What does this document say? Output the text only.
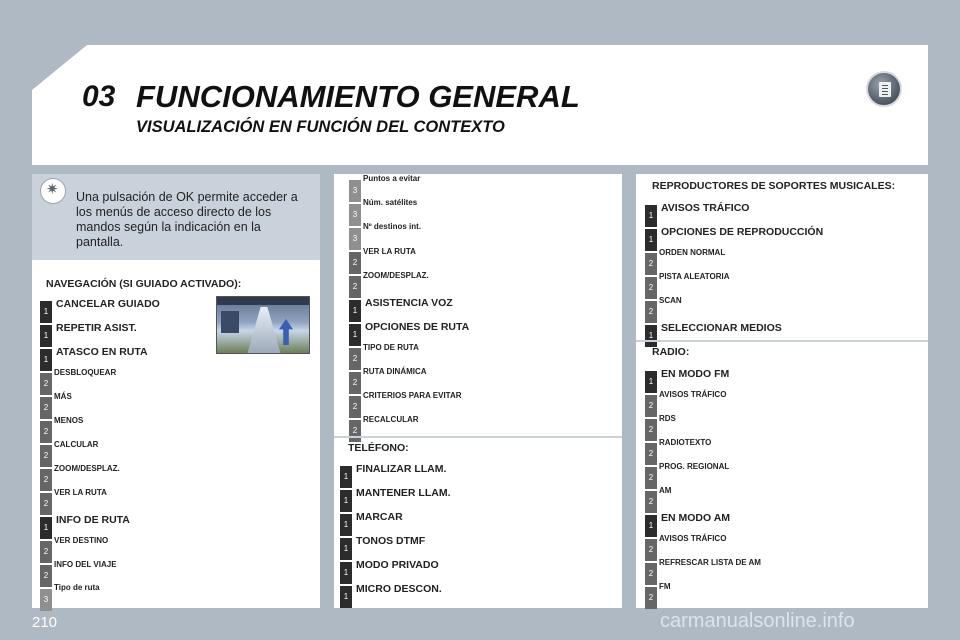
03 FUNCIONAMIENTO GENERAL
VISUALIZACIÓN EN FUNCIÓN DEL CONTEXTO
✷
Una pulsación de OK permite acceder a los menús de acceso directo de los mandos según la indicación en la pantalla.
NAVEGACIÓN (SI GUIADO ACTIVADO):
1
CANCELAR GUIADO
1
REPETIR ASIST.
1
ATASCO EN RUTA
2
DESBLOQUEAR
2
MÁS
2
MENOS
2
CALCULAR
2
ZOOM/DESPLAZ.
2
VER LA RUTA
1
INFO DE RUTA
2
VER DESTINO
2
INFO DEL VIAJE
3
Tipo de ruta
3
Puntos a evitar
3
Núm. satélites
3
Nº destinos int.
2
VER LA RUTA
2
ZOOM/DESPLAZ.
1
ASISTENCIA VOZ
1
OPCIONES DE RUTA
2
TIPO DE RUTA
2
RUTA DINÁMICA
2
CRITERIOS PARA EVITAR
2
RECALCULAR
TELÉFONO:
1
FINALIZAR LLAM.
1
MANTENER LLAM.
1
MARCAR
1
TONOS DTMF
1
MODO PRIVADO
1
MICRO DESCON.
REPRODUCTORES DE SOPORTES MUSICALES:
1
AVISOS TRÁFICO
1
OPCIONES DE REPRODUCCIÓN
2
ORDEN NORMAL
2
PISTA ALEATORIA
2
SCAN
1
SELECCIONAR MEDIOS
RADIO:
1
EN MODO FM
2
AVISOS TRÁFICO
2
RDS
2
RADIOTEXTO
2
PROG. REGIONAL
2
AM
1
EN MODO AM
2
AVISOS TRÁFICO
2
REFRESCAR LISTA DE AM
2
FM
210	carmanualsonline.info
